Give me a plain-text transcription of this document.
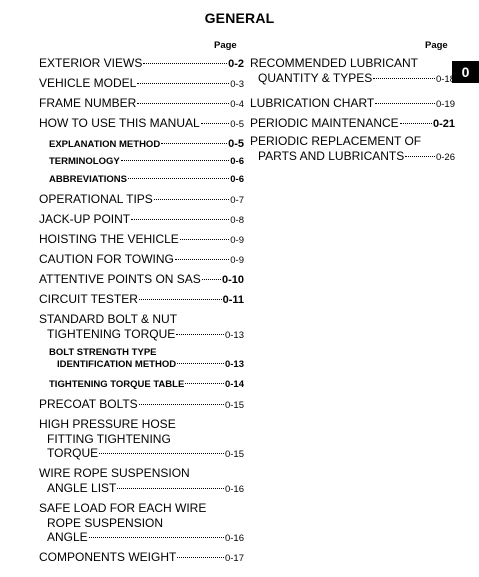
GENERAL
Page	Page
0
EXTERIOR VIEWS	0-2
VEHICLE MODEL	0-3
FRAME NUMBER	0-4
HOW TO USE THIS MANUAL	0-5
EXPLANATION METHOD	0-5
TERMINOLOGY	0-6
ABBREVIATIONS	0-6
OPERATIONAL TIPS	0-7
JACK-UP POINT	0-8
HOISTING THE VEHICLE	0-9
CAUTION FOR TOWING	0-9
ATTENTIVE POINTS ON SAS 0-10
CIRCUIT TESTER	0-11
STANDARD BOLT & NUT
TIGHTENING TORQUE	0-13
BOLT STRENGTH TYPE
IDENTIFICATION METHOD	0-13
TIGHTENING TORQUE TABLE	0-14
PRECOAT BOLTS	0-15
HIGH PRESSURE HOSE
FITTING TIGHTENING
TORQUE	0-15
WIRE ROPE SUSPENSION
ANGLE LIST	0-16
SAFE LOAD FOR EACH WIRE
ROPE SUSPENSION
ANGLE	0-16
COMPONENTS WEIGHT	0-17
RECOMMENDED LUBRICANT
QUANTITY & TYPES	0-18
LUBRICATION CHART	0-19
PERIODIC MAINTENANCE	0-21
PERIODIC REPLACEMENT OF
PARTS AND LUBRICANTS	0-26
